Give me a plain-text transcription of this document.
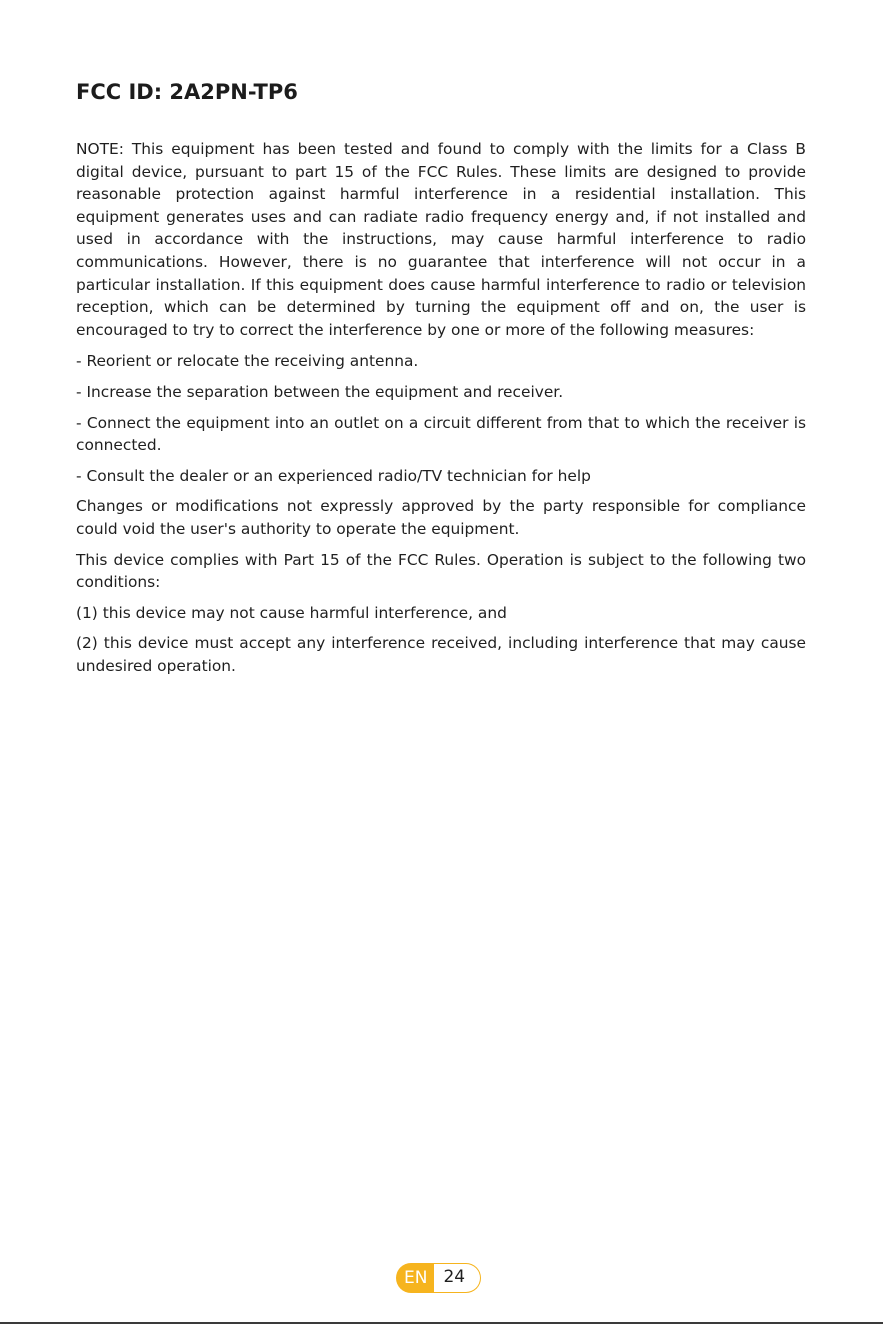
FCC ID: 2A2PN-TP6

NOTE: This equipment has been tested and found to comply with the limits for a Class B digital device, pursuant to part 15 of the FCC Rules. These limits are designed to provide reasonable protection against harmful interference in a residential installation. This equipment generates uses and can radiate radio frequency energy and, if not installed and used in accordance with the instructions, may cause harmful interference to radio communications. However, there is no guarantee that interference will not occur in a particular installation. If this equipment does cause harmful interference to radio or television reception, which can be determined by turning the equipment off and on, the user is encouraged to try to correct the interference by one or more of the following measures:

- Reorient or relocate the receiving antenna.

- Increase the separation between the equipment and receiver.

- Connect the equipment into an outlet on a circuit different from that to which the receiver is connected.

- Consult the dealer or an experienced radio/TV technician for help

Changes or modifications not expressly approved by the party responsible for compliance could void the user's authority to operate the equipment.

This device complies with Part 15 of the FCC Rules. Operation is subject to the following two conditions:

(1) this device may not cause harmful interference, and

(2) this device must accept any interference received, including interference that may cause undesired operation.

EN 24
